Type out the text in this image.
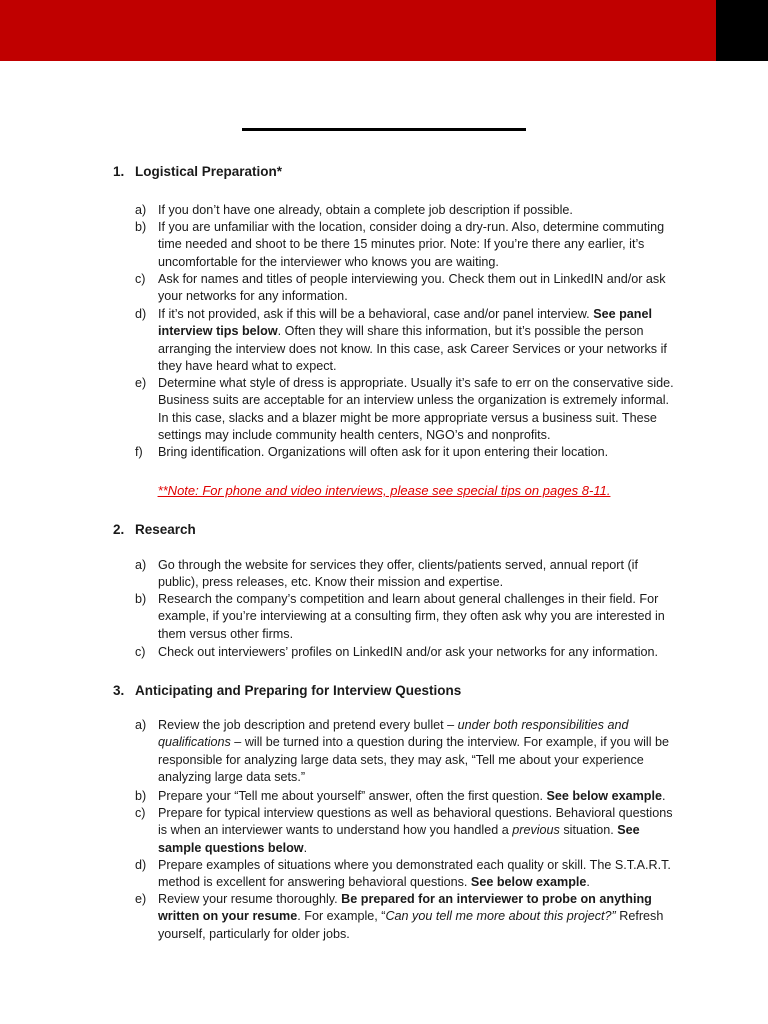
1. Logistical Preparation*
a) If you don’t have one already, obtain a complete job description if possible.
b) If you are unfamiliar with the location, consider doing a dry-run. Also, determine commuting time needed and shoot to be there 15 minutes prior. Note: If you’re there any earlier, it’s uncomfortable for the interviewer who knows you are waiting.
c) Ask for names and titles of people interviewing you. Check them out in LinkedIN and/or ask your networks for any information.
d) If it’s not provided, ask if this will be a behavioral, case and/or panel interview. See panel interview tips below. Often they will share this information, but it’s possible the person arranging the interview does not know. In this case, ask Career Services or your networks if they have heard what to expect.
e) Determine what style of dress is appropriate. Usually it’s safe to err on the conservative side. Business suits are acceptable for an interview unless the organization is extremely informal. In this case, slacks and a blazer might be more appropriate versus a business suit. These settings may include community health centers, NGO’s and nonprofits.
f) Bring identification. Organizations will often ask for it upon entering their location.
**Note: For phone and video interviews, please see special tips on pages 8-11.
2. Research
a) Go through the website for services they offer, clients/patients served, annual report (if public), press releases, etc. Know their mission and expertise.
b) Research the company’s competition and learn about general challenges in their field. For example, if you’re interviewing at a consulting firm, they often ask why you are interested in them versus other firms.
c) Check out interviewers’ profiles on LinkedIN and/or ask your networks for any information.
3. Anticipating and Preparing for Interview Questions
a) Review the job description and pretend every bullet – under both responsibilities and qualifications – will be turned into a question during the interview. For example, if you will be responsible for analyzing large data sets, they may ask, “Tell me about your experience analyzing large data sets.”
b) Prepare your “Tell me about yourself” answer, often the first question. See below example.
c) Prepare for typical interview questions as well as behavioral questions. Behavioral questions is when an interviewer wants to understand how you handled a previous situation. See sample questions below.
d) Prepare examples of situations where you demonstrated each quality or skill. The S.T.A.R.T. method is excellent for answering behavioral questions. See below example.
e) Review your resume thoroughly. Be prepared for an interviewer to probe on anything written on your resume. For example, “Can you tell me more about this project?” Refresh yourself, particularly for older jobs.
